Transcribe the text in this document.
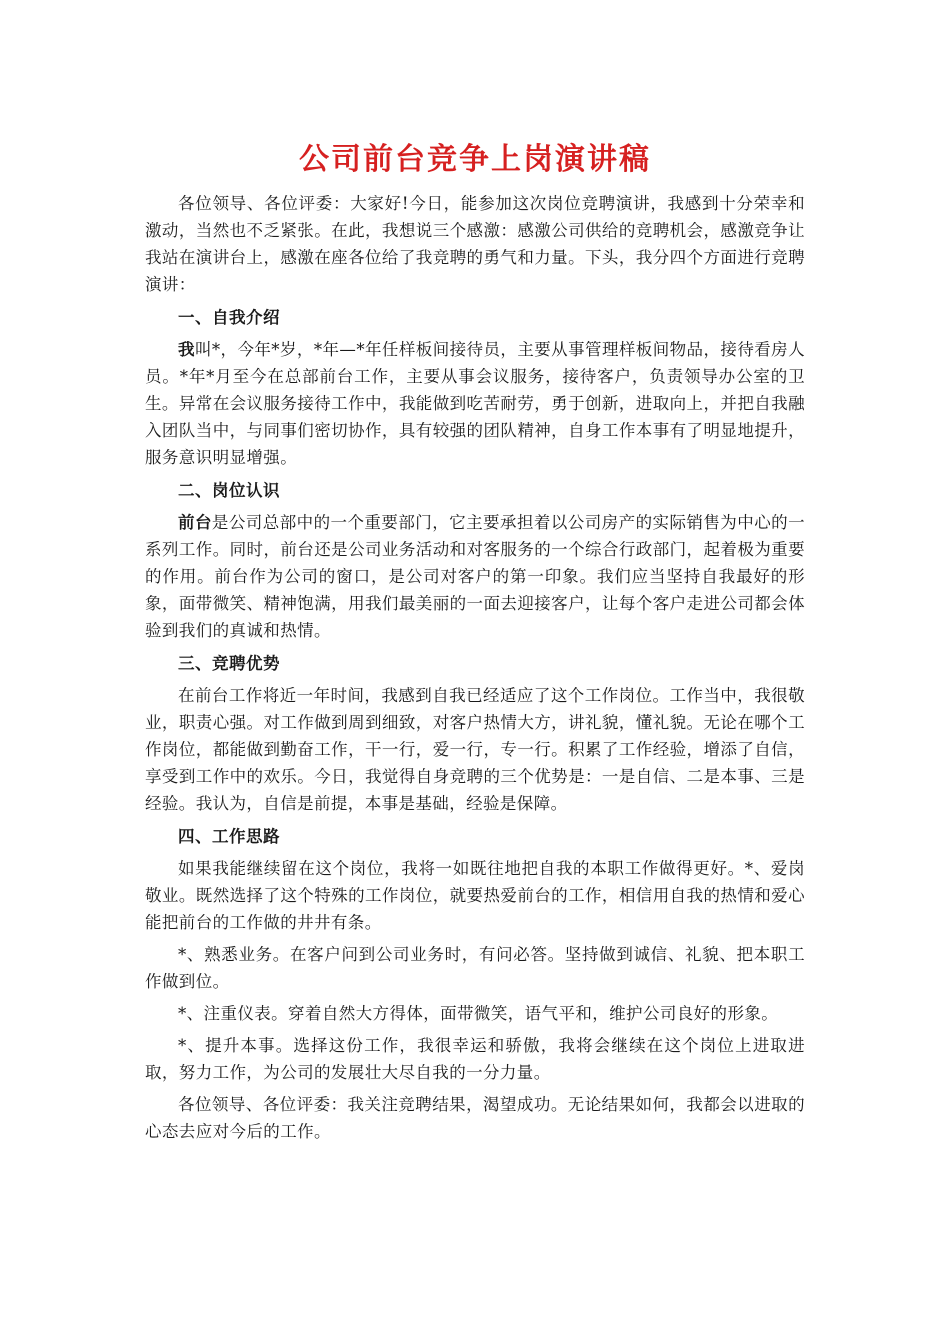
公司前台竞争上岗演讲稿

各位领导、各位评委：大家好!今日，能参加这次岗位竞聘演讲，我感到十分荣幸和激动，当然也不乏紧张。在此，我想说三个感激：感激公司供给的竞聘机会，感激竞争让我站在演讲台上，感激在座各位给了我竞聘的勇气和力量。下头，我分四个方面进行竞聘演讲：

一、自我介绍

我叫*，今年*岁，*年—*年任样板间接待员，主要从事管理样板间物品，接待看房人员。*年*月至今在总部前台工作，主要从事会议服务，接待客户，负责领导办公室的卫生。异常在会议服务接待工作中，我能做到吃苦耐劳，勇于创新，进取向上，并把自我融入团队当中，与同事们密切协作，具有较强的团队精神，自身工作本事有了明显地提升，服务意识明显增强。

二、岗位认识

前台是公司总部中的一个重要部门，它主要承担着以公司房产的实际销售为中心的一系列工作。同时，前台还是公司业务活动和对客服务的一个综合行政部门，起着极为重要的作用。前台作为公司的窗口，是公司对客户的第一印象。我们应当坚持自我最好的形象，面带微笑、精神饱满，用我们最美丽的一面去迎接客户，让每个客户走进公司都会体验到我们的真诚和热情。

三、竞聘优势

在前台工作将近一年时间，我感到自我已经适应了这个工作岗位。工作当中，我很敬业，职责心强。对工作做到周到细致，对客户热情大方，讲礼貌，懂礼貌。无论在哪个工作岗位，都能做到勤奋工作，干一行，爱一行，专一行。积累了工作经验，增添了自信，享受到工作中的欢乐。今日，我觉得自身竞聘的三个优势是：一是自信、二是本事、三是经验。我认为，自信是前提，本事是基础，经验是保障。

四、工作思路

如果我能继续留在这个岗位，我将一如既往地把自我的本职工作做得更好。*、爱岗敬业。既然选择了这个特殊的工作岗位，就要热爱前台的工作，相信用自我的热情和爱心能把前台的工作做的井井有条。

*、熟悉业务。在客户问到公司业务时，有问必答。坚持做到诚信、礼貌、把本职工作做到位。

*、注重仪表。穿着自然大方得体，面带微笑，语气平和，维护公司良好的形象。

*、提升本事。选择这份工作，我很幸运和骄傲，我将会继续在这个岗位上进取进取，努力工作，为公司的发展壮大尽自我的一分力量。

各位领导、各位评委：我关注竞聘结果，渴望成功。无论结果如何，我都会以进取的心态去应对今后的工作。
